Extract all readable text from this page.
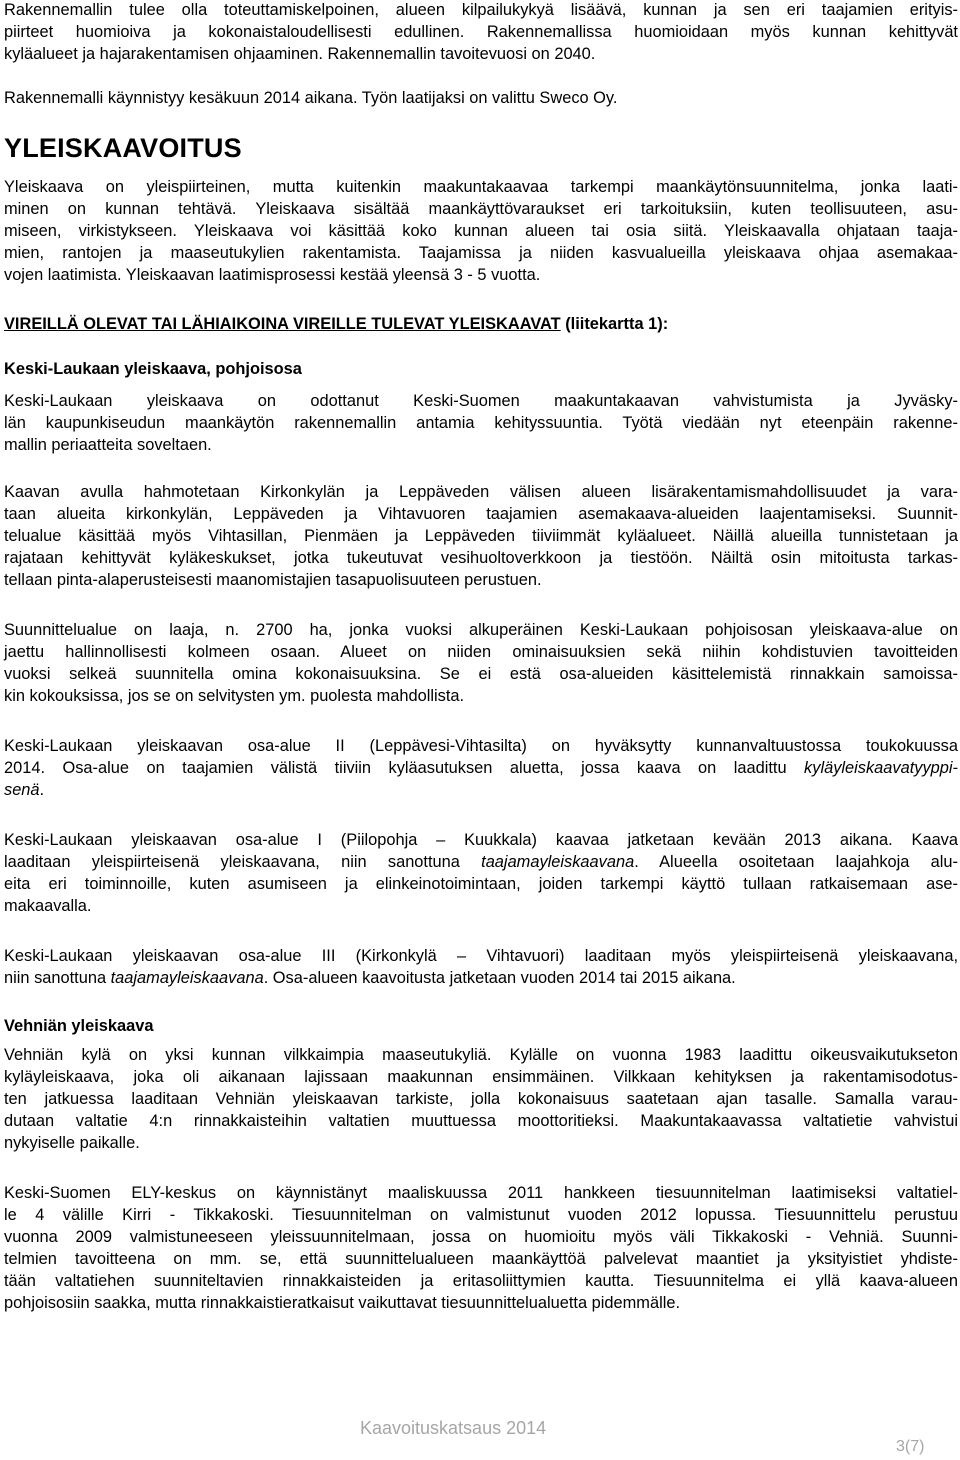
Rakennemallin tulee olla toteuttamiskelpoinen, alueen kilpailukykyä lisäävä, kunnan ja sen eri taajamien erityis-
piirteet huomioiva ja kokonaistaloudellisesti edullinen. Rakennemallissa huomioidaan myös kunnan kehittyvät
kyläalueet ja hajarakentamisen ohjaaminen. Rakennemallin tavoitevuosi on 2040.
Rakennemalli käynnistyy kesäkuun 2014 aikana. Työn laatijaksi on valittu Sweco Oy.
YLEISKAAVOITUS
Yleiskaava on yleispiirteinen, mutta kuitenkin maakuntakaavaa tarkempi maankäytönsuunnitelma, jonka laati-
minen on kunnan tehtävä. Yleiskaava sisältää maankäyttövaraukset eri tarkoituksiin, kuten teollisuuteen, asu-
miseen, virkistykseen. Yleiskaava voi käsittää koko kunnan alueen tai osia siitä. Yleiskaavalla ohjataan taaja-
mien, rantojen ja maaseutukylien rakentamista. Taajamissa ja niiden kasvualueilla yleiskaava ohjaa asemakaa-
vojen laatimista. Yleiskaavan laatimisprosessi kestää yleensä 3 - 5 vuotta.
VIREILLÄ OLEVAT TAI LÄHIAIKOINA VIREILLE TULEVAT YLEISKAAVAT (liitekartta 1):
Keski-Laukaan yleiskaava, pohjoisosa
Keski-Laukaan yleiskaava on odottanut Keski-Suomen maakuntakaavan vahvistumista ja Jyväsky-
län kaupunkiseudun maankäytön rakennemallin antamia kehityssuuntia. Työtä viedään nyt eteenpäin rakenne-
mallin periaatteita soveltaen.
Kaavan avulla hahmotetaan Kirkonkylän ja Leppäveden välisen alueen lisärakentamismahdollisuudet ja vara-
taan alueita kirkonkylän, Leppäveden ja Vihtavuoren taajamien asemakaava-alueiden laajentamiseksi. Suunnit-
telualue käsittää myös Vihtasillan, Pienmäen ja Leppäveden tiiviimmät kyläalueet. Näillä alueilla tunnistetaan ja
rajataan kehittyvät kyläkeskukset, jotka tukeutuvat vesihuoltoverkkoon ja tiestöön. Näiltä osin mitoitusta tarkas-
tellaan pinta-alaperusteisesti maanomistajien tasapuolisuuteen perustuen.
Suunnittelualue on laaja, n. 2700 ha, jonka vuoksi alkuperäinen Keski-Laukaan pohjoisosan yleiskaava-alue on
jaettu hallinnollisesti kolmeen osaan. Alueet on niiden ominaisuuksien sekä niihin kohdistuvien tavoitteiden
vuoksi selkeä suunnitella omina kokonaisuuksina. Se ei estä osa-alueiden käsittelemistä rinnakkain samoissa-
kin kokouksissa, jos se on selvitysten ym. puolesta mahdollista.
Keski-Laukaan yleiskaavan osa-alue II (Leppävesi-Vihtasilta) on hyväksytty kunnanvaltuustossa toukokuussa
2014. Osa-alue on taajamien välistä tiiviin kyläasutuksen aluetta, jossa kaava on laadittu kyläyleiskaavatyyppi-
senä.
Keski-Laukaan yleiskaavan osa-alue I (Piilopohja – Kuukkala) kaavaa jatketaan kevään 2013 aikana. Kaava
laaditaan yleispiirteisenä yleiskaavana, niin sanottuna taajamayleiskaavana. Alueella osoitetaan laajahkoja alu-
eita eri toiminnoille, kuten asumiseen ja elinkeinotoimintaan, joiden tarkempi käyttö tullaan ratkaisemaan ase-
makaavalla.
Keski-Laukaan yleiskaavan osa-alue III (Kirkonkylä – Vihtavuori) laaditaan myös yleispiirteisenä yleiskaavana,
niin sanottuna taajamayleiskaavana. Osa-alueen kaavoitusta jatketaan vuoden 2014 tai 2015 aikana.
Vehniän yleiskaava
Vehniän kylä on yksi kunnan vilkkaimpia maaseutukyliä. Kylälle on vuonna 1983 laadittu oikeusvaikutukseton
kyläyleiskaava, joka oli aikanaan lajissaan maakunnan ensimmäinen. Vilkkaan kehityksen ja rakentamisodotus-
ten jatkuessa laaditaan Vehniän yleiskaavan tarkiste, jolla kokonaisuus saatetaan ajan tasalle. Samalla varau-
dutaan valtatie 4:n rinnakkaisteihin valtatien muuttuessa moottoritieksi. Maakuntakaavassa valtatietie vahvistui
nykyiselle paikalle.
Keski-Suomen ELY-keskus on käynnistänyt maaliskuussa 2011 hankkeen tiesuunnitelman laatimiseksi valtatiel-
le 4 välille Kirri - Tikkakoski. Tiesuunnitelman on valmistunut vuoden 2012 lopussa. Tiesuunnittelu perustuu
vuonna 2009 valmistuneeseen yleissuunnitelmaan, jossa on huomioitu myös väli Tikkakoski - Vehniä. Suunni-
telmien tavoitteena on mm. se, että suunnittelualueen maankäyttöä palvelevat maantiet ja yksityistiet yhdiste-
tään valtatiehen suunniteltavien rinnakkaisteiden ja eritasoliittymien kautta. Tiesuunnitelma ei yllä kaava-alueen
pohjoisosiin saakka, mutta rinnakkaistieratkaisut vaikuttavat tiesuunnittelualuetta pidemmälle.
Kaavoituskatsaus 2014
3(7)
